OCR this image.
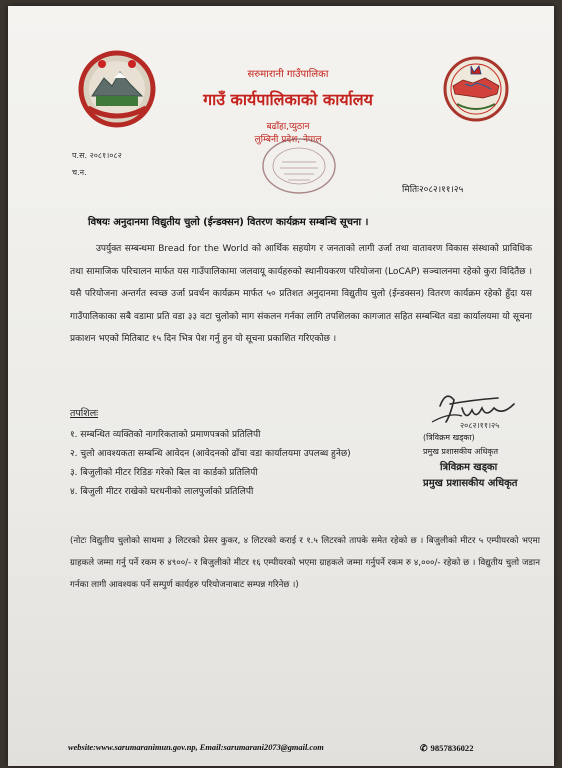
सरुमारानी गाउँपालिका
गाउँ कार्यपालिकाको कार्यालय
बढाँहा,प्युठान
लुम्बिनी प्रदेश, नेपाल
प.स. २०८१।०८२
च.न.
मितिः२०८२।११।२५
विषयः अनुदानमा विद्युतीय चुलो (ईन्डक्सन) वितरण कार्यक्रम सम्बन्धि सूचना ।
उपर्युक्त सम्बन्धमा Bread for the World को आर्थिक सहयोग र जनताको लागी उर्जा तथा वातावरण विकास संस्थाको प्राविधिक तथा सामाजिक परिचालन मार्फत यस गाउँपालिकामा जलवायू कार्यहरुको स्थानीयकरण परियोजना (LoCAP) सञ्चालनमा रहेको कुरा विदितैछ । यसै परियोजना अन्तर्गत स्वच्छ उर्जा प्रवर्धन कार्यक्रम मार्फत ५० प्रतिशत अनुदानमा विद्युतीय चुलो (ईन्डक्सन) वितरण कार्यक्रम रहेको हुँदा यस गाउँपालिकाका सबै वडामा प्रति वडा ३३ वटा चुलोको माग संकलन गर्नका लागि तपशिलका कागजात सहित सम्बन्धित वडा कार्यालयमा यो सूचना प्रकाशन भएको मितिबाट १५ दिन भित्र पेश गर्नु हुन यो सूचना प्रकाशित गरिएकोछ ।
तपशिलः
१. सम्बन्धित व्यक्तिको नागरिकताको प्रमाणपत्रको प्रतिलिपी
२. चुलो आवश्यकता सम्बन्धि आवेदन (आवेदनको ढाँचा वडा कार्यालयमा उपलब्ध हुनेछ)
३. बिजुलीको मीटर रिडिङ गरेको बिल वा कार्डको प्रतिलिपी
४. बिजुली मीटर राखेको घरधनीको लालपुर्जाको प्रतिलिपी
२०८२।११।२५
(त्रिविक्रम खड्का)
प्रमुख प्रशासकीय अधिकृत
त्रिविक्रम खड्का
प्रमुख प्रशासकीय अधिकृत
(नोटः विद्युतीय चुलोको साथमा ३ लिटरको प्रेसर कुकर, ४ लिटरको कराई र १.५ लिटरको तापके समेत रहेको छ । बिजुलीको मीटर ५ एम्पीयरको भएमा ग्राहकले जम्मा गर्नु पर्ने रकम रु ४९००/- र बिजुलीको मीटर १६ एम्पीयरको भएमा ग्राहकले जम्मा गर्नुपर्ने रकम रु ४,०००/- रहेको छ । विद्युतीय चुलो जडान गर्नका लागी आवश्यक पर्ने सम्पुर्ण कार्यहरु परियोजनाबाट सम्पन्न गरिनेछ ।)
website:www.sarumaranimun.gov.np, Email:sarumarani2073@gmail.com	✆ 9857836022
